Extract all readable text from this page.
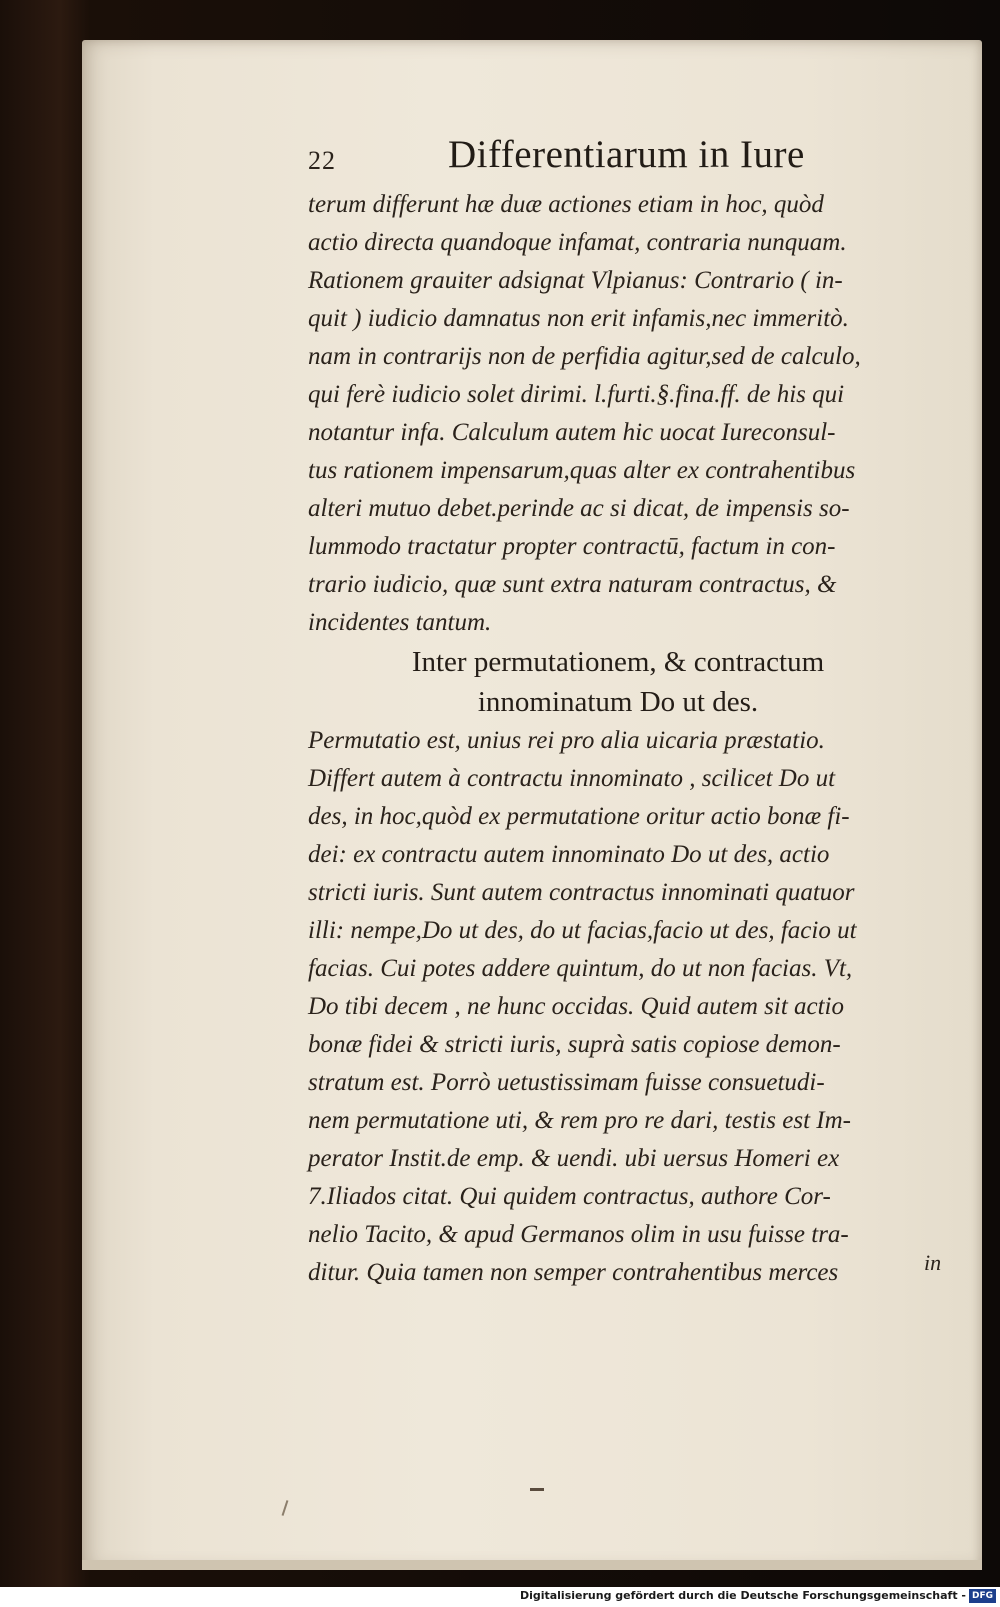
22	Differentiarum in Iure
terum differunt hæ duæ actiones etiam in hoc, quòd
actio directa quandoque infamat, contraria nunquam.
Rationem grauiter adsignat Vlpianus: Contrario ( in-
quit ) iudicio damnatus non erit infamis,nec immeritò.
nam in contrarijs non de perfidia agitur,sed de calculo,
qui ferè iudicio solet dirimi. l.furti.§.fina.ff. de his qui
notantur infa. Calculum autem hic uocat Iureconsul-
tus rationem impensarum,quas alter ex contrahentibus
alteri mutuo debet.perinde ac si dicat, de impensis so-
lummodo tractatur propter contractū, factum in con-
trario iudicio, quæ sunt extra naturam contractus, &
incidentes tantum.
Inter permutationem, & contractum
innominatum Do ut des.
Permutatio est, unius rei pro alia uicaria præstatio.
Differt autem à contractu innominato , scilicet Do ut
des, in hoc,quòd ex permutatione oritur actio bonæ fi-
dei: ex contractu autem innominato Do ut des, actio
stricti iuris. Sunt autem contractus innominati quatuor
illi: nempe,Do ut des, do ut facias,facio ut des, facio ut
facias. Cui potes addere quintum, do ut non facias. Vt,
Do tibi decem , ne hunc occidas. Quid autem sit actio
bonæ fidei & stricti iuris, suprà satis copiose demon-
stratum est. Porrò uetustissimam fuisse consuetudi-
nem permutatione uti, & rem pro re dari, testis est Im-
perator Instit.de emp. & uendi. ubi uersus Homeri ex
7.Iliados citat. Qui quidem contractus, authore Cor-
nelio Tacito, & apud Germanos olim in usu fuisse tra-
ditur. Quia tamen non semper contrahentibus merces	in
Digitalisierung gefördert durch die Deutsche Forschungsgemeinschaft - DFG
